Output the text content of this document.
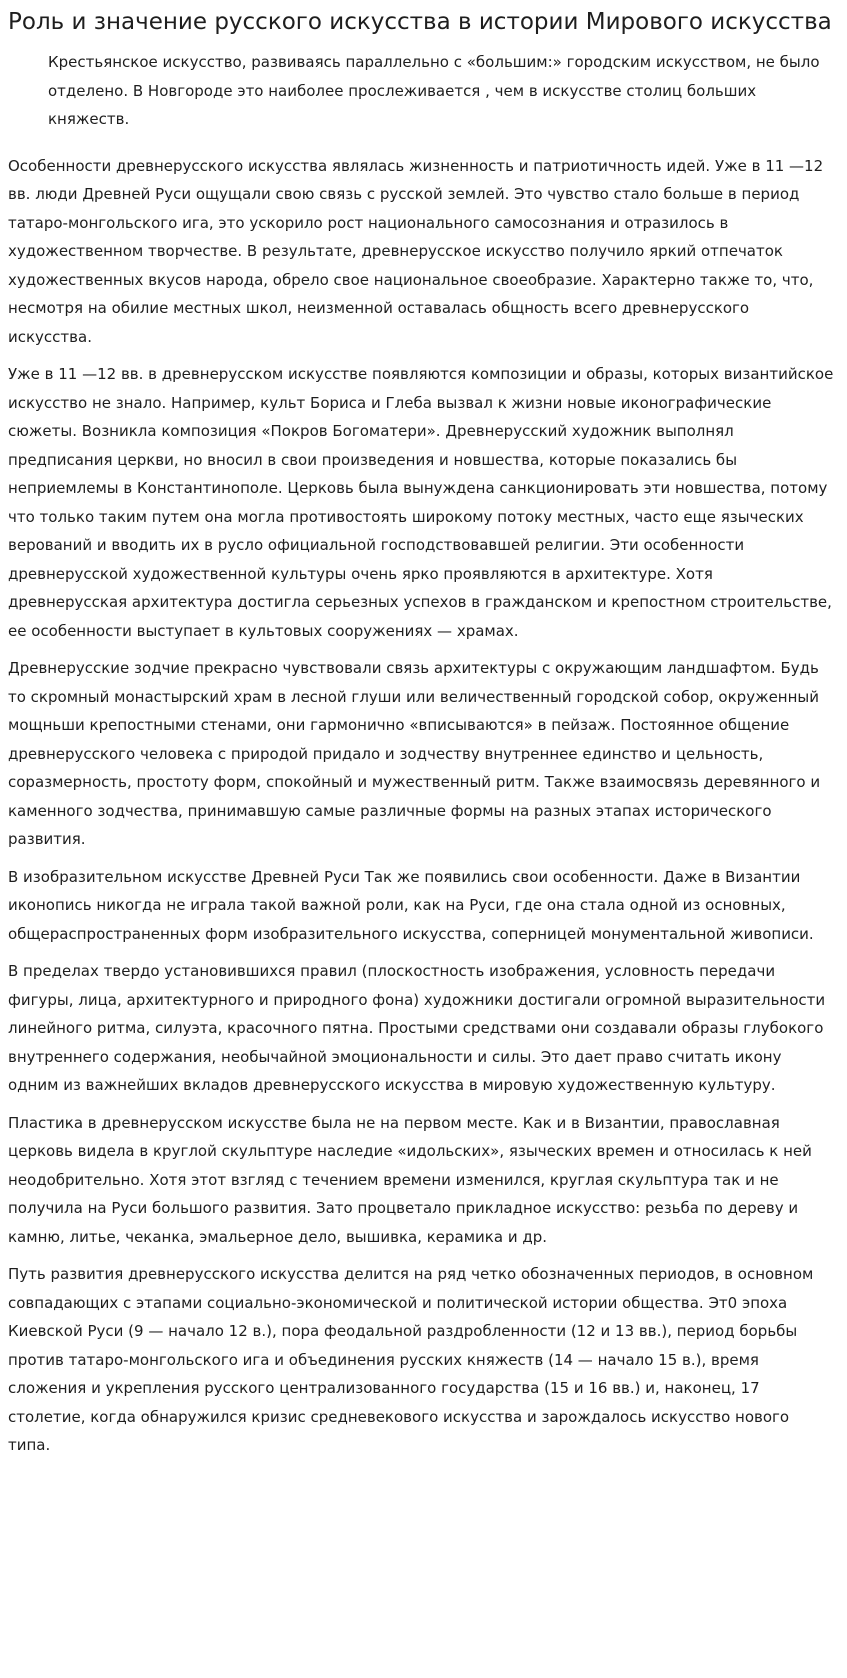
Роль и значение русского искусства в истории Мирового искусства

Крестьянское искусство, развиваясь параллельно с «большим:» городским искусством, не было отделено. В Новгороде это наиболее прослеживается , чем в искусстве столиц больших княжеств.

Особенности древнерусского искусства являлась жизненность и патриотичность идей. Уже в 11 —12 вв. люди Древней Руси ощущали свою связь с русской землей. Это чувство стало больше в период татаро-монгольского ига, это ускорило рост национального самосознания и отразилось в художественном творчестве. В результате, древнерусское искусство получило яркий отпечаток художественных вкусов народа, обрело свое национальное своеобразие. Характерно также то, что, несмотря на обилие местных школ, неизменной оставалась общность всего древнерусского искусства.

Уже в 11 —12 вв. в древнерусском искусстве появляются композиции и образы, которых византийское искусство не знало. Например, культ Бориса и Глеба вызвал к жизни новые иконографические сюжеты. Возникла композиция «Покров Богоматери». Древнерусский художник выполнял предписания церкви, но вносил в свои произведения и новшества, которые показались бы неприемлемы в Константинополе. Церковь была вынуждена санкционировать эти новшества, потому что только таким путем она могла противостоять широкому потоку местных, часто еще языческих верований и вводить их в русло официальной господствовавшей религии. Эти особенности древнерусской художественной культуры очень ярко проявляются в архитектуре. Хотя древнерусская архитектура достигла серьезных успехов в гражданском и крепостном строительстве, ее особенности выступает в культовых сооружениях — храмах.

Древнерусские зодчие прекрасно чувствовали связь архитектуры с окружающим ландшафтом. Будь то скромный монастырский храм в лесной глуши или величественный городской собор, окруженный мощньши крепостными стенами, они гармонично «вписываются» в пейзаж. Постоянное общение древнерусского человека с природой придало и зодчеству внутреннее единство и цельность, соразмерность, простоту форм, спокойный и мужественный ритм. Также взаимосвязь деревянного и каменного зодчества, принимавшую самые различные формы на разных этапах исторического развития.

В изобразительном искусстве Древней Руси Так же появились свои особенности. Даже в Византии иконопись никогда не играла такой важной роли, как на Руси, где она стала одной из основных, общераспространенных форм изобразительного искусства, соперницей монументальной живописи.

В пределах твердо установившихся правил (плоскостность изображения, условность передачи фигуры, лица, архитектурного и природного фона) художники достигали огромной выразительности линейного ритма, силуэта, красочного пятна. Простыми средствами они создавали образы глубокого внутреннего содержания, необычайной эмоциональности и силы. Это дает право считать икону одним из важнейших вкладов древнерусского искусства в мировую художественную культуру.

Пластика в древнерусском искусстве была не на первом месте. Как и в Византии, православная церковь видела в круглой скульптуре наследие «идольских», языческих времен и относилась к ней неодобрительно. Хотя этот взгляд с течением времени изменился, круглая скульптура так и не получила на Руси большого развития. Зато процветало прикладное искусство: резьба по дереву и камню, литье, чеканка, эмальерное дело, вышивка, керамика и др.

Путь развития древнерусского искусства делится на ряд четко обозначенных периодов, в основном совпадающих с этапами социально-экономической и политической истории общества. Эт0 эпоха Киевской Руси (9 — начало 12 в.), пора феодальной раздробленности (12 и 13 вв.), период борьбы против татаро-монгольского ига и объединения русских княжеств (14 — начало 15 в.), время сложения и укрепления русского централизованного государства (15 и 16 вв.) и, наконец, 17 столетие, когда обнаружился кризис средневекового искусства и зарождалось искусство нового типа.
